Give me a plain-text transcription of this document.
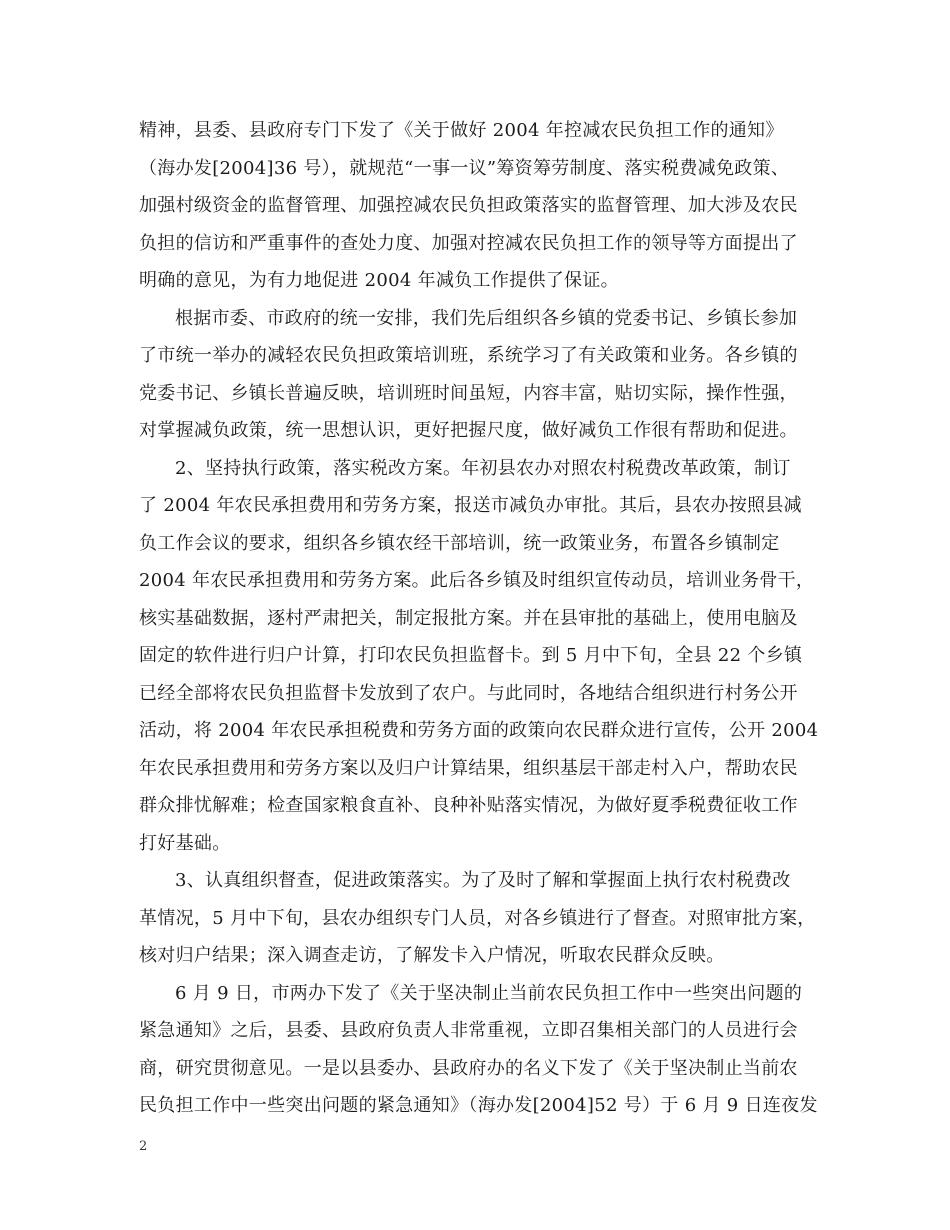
精神，县委、县政府专门下发了《关于做好 2004 年控减农民负担工作的通知》
（海办发[2004]36 号），就规范“一事一议”筹资筹劳制度、落实税费减免政策、
加强村级资金的监督管理、加强控减农民负担政策落实的监督管理、加大涉及农民
负担的信访和严重事件的查处力度、加强对控减农民负担工作的领导等方面提出了
明确的意见，为有力地促进 2004 年减负工作提供了保证。

根据市委、市政府的统一安排，我们先后组织各乡镇的党委书记、乡镇长参加
了市统一举办的减轻农民负担政策培训班，系统学习了有关政策和业务。各乡镇的
党委书记、乡镇长普遍反映，培训班时间虽短，内容丰富，贴切实际，操作性强，
对掌握减负政策，统一思想认识，更好把握尺度，做好减负工作很有帮助和促进。

2、坚持执行政策，落实税改方案。年初县农办对照农村税费改革政策，制订
了 2004 年农民承担费用和劳务方案，报送市减负办审批。其后，县农办按照县减
负工作会议的要求，组织各乡镇农经干部培训，统一政策业务，布置各乡镇制定
2004 年农民承担费用和劳务方案。此后各乡镇及时组织宣传动员，培训业务骨干，
核实基础数据，逐村严肃把关，制定报批方案。并在县审批的基础上，使用电脑及
固定的软件进行归户计算，打印农民负担监督卡。到 5 月中下旬，全县 22 个乡镇
已经全部将农民负担监督卡发放到了农户。与此同时，各地结合组织进行村务公开
活动，将 2004 年农民承担税费和劳务方面的政策向农民群众进行宣传，公开 2004
年农民承担费用和劳务方案以及归户计算结果，组织基层干部走村入户，帮助农民
群众排忧解难；检查国家粮食直补、良种补贴落实情况，为做好夏季税费征收工作
打好基础。

3、认真组织督查，促进政策落实。为了及时了解和掌握面上执行农村税费改
革情况，5 月中下旬，县农办组织专门人员，对各乡镇进行了督查。对照审批方案，
核对归户结果；深入调查走访，了解发卡入户情况，听取农民群众反映。

6 月 9 日，市两办下发了《关于坚决制止当前农民负担工作中一些突出问题的
紧急通知》之后，县委、县政府负责人非常重视，立即召集相关部门的人员进行会
商，研究贯彻意见。一是以县委办、县政府办的名义下发了《关于坚决制止当前农
民负担工作中一些突出问题的紧急通知》（海办发[2004]52 号）于 6 月 9 日连夜发

2
